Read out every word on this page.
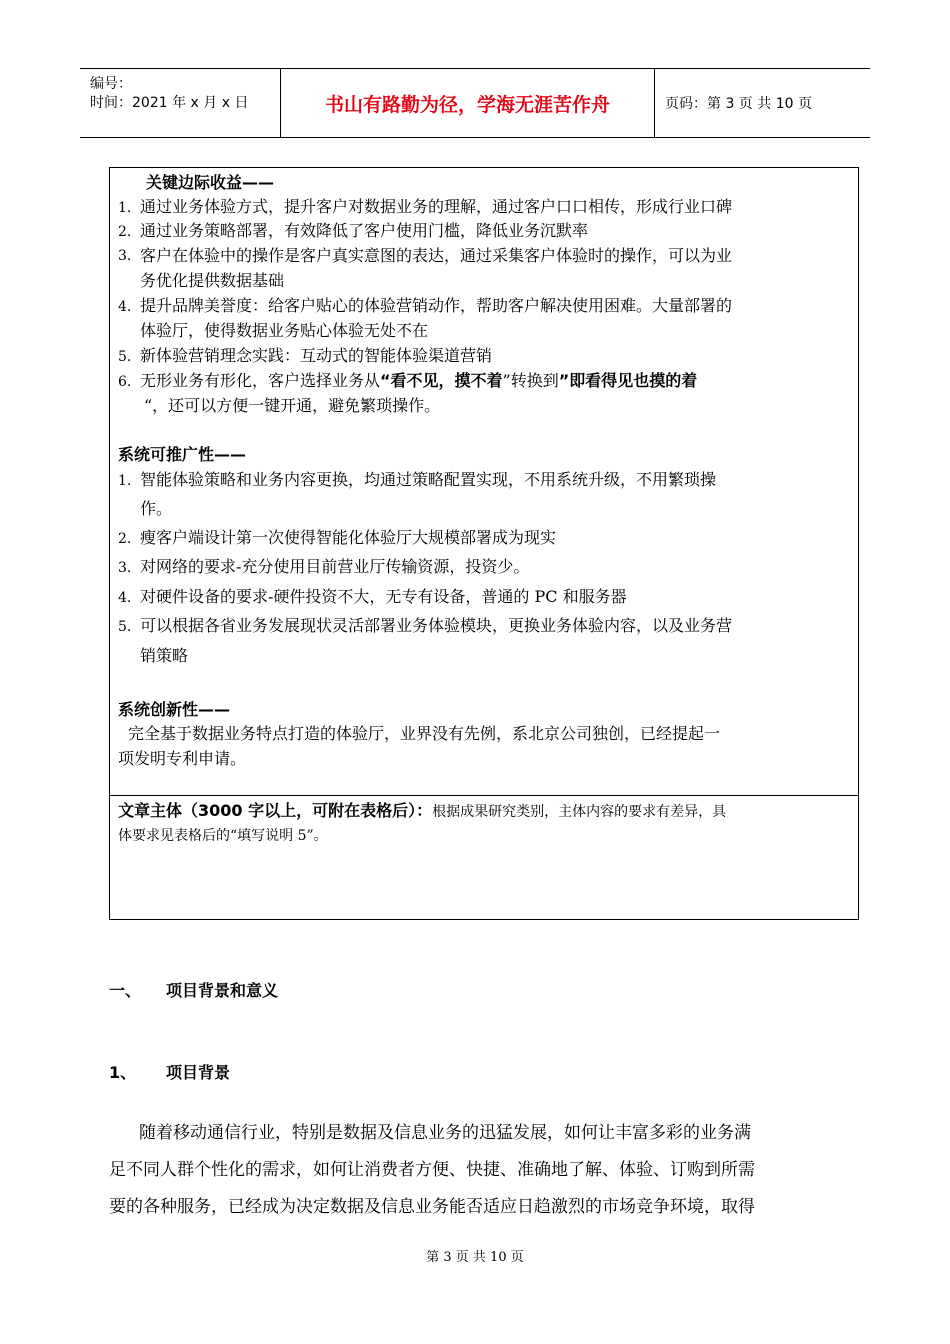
编号：
时间：2021 年 x 月 x 日	书山有路勤为径，学海无涯苦作舟	页码：第 3 页 共 10 页
关键边际收益——
1. 通过业务体验方式，提升客户对数据业务的理解，通过客户口口相传，形成行业口碑
2. 通过业务策略部署，有效降低了客户使用门槛，降低业务沉默率
3. 客户在体验中的操作是客户真实意图的表达，通过采集客户体验时的操作，可以为业
务优化提供数据基础
4. 提升品牌美誉度：给客户贴心的体验营销动作，帮助客户解决使用困难。大量部署的
体验厅，使得数据业务贴心体验无处不在
5. 新体验营销理念实践：互动式的智能体验渠道营销
6. 无形业务有形化，客户选择业务从“看不见，摸不着”转换到”即看得见也摸的着
“，还可以方便一键开通，避免繁琐操作。
系统可推广性——
1. 智能体验策略和业务内容更换，均通过策略配置实现，不用系统升级，不用繁琐操
作。
2. 瘦客户端设计第一次使得智能化体验厅大规模部署成为现实
3. 对网络的要求-充分使用目前营业厅传输资源，投资少。
4. 对硬件设备的要求-硬件投资不大，无专有设备，普通的 PC 和服务器
5. 可以根据各省业务发展现状灵活部署业务体验模块，更换业务体验内容，以及业务营
销策略
系统创新性——
完全基于数据业务特点打造的体验厅，业界没有先例，系北京公司独创，已经提起一
项发明专利申请。
文章主体（3000 字以上，可附在表格后）：根据成果研究类别，主体内容的要求有差异，具
体要求见表格后的“填写说明 5”。
一、 项目背景和意义
1、 项目背景
随着移动通信行业，特别是数据及信息业务的迅猛发展，如何让丰富多彩的业务满
足不同人群个性化的需求，如何让消费者方便、快捷、准确地了解、体验、订购到所需
要的各种服务，已经成为决定数据及信息业务能否适应日趋激烈的市场竞争环境，取得
第 3 页 共 10 页
